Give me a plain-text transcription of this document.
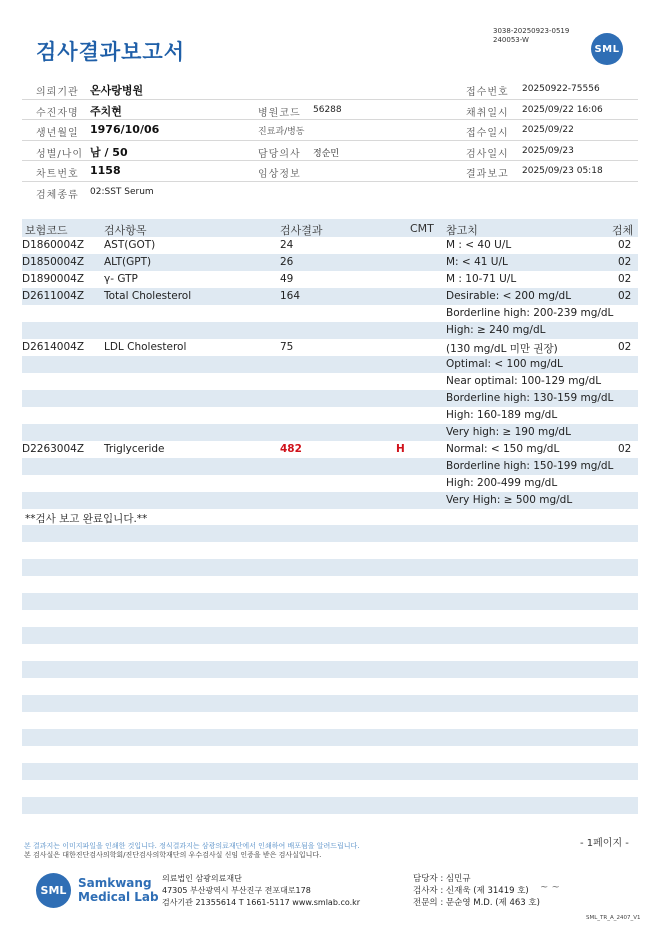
검사결과보고서
3038-20250923-0519
240053-W
SML
의뢰기관 온사랑병원	접수번호 20250922-75556
수진자명 주치현	병원코드 56288	채취일시 2025/09/22 16:06
생년월일 1976/10/06	진료과/병동	접수일시 2025/09/22
성별/나이 남 / 50	담당의사 정순민	검사일시 2025/09/23
차트번호 1158	임상정보	결과보고 2025/09/23 05:18
검체종류 02:SST Serum
보험코드	검사항목	검사결과	CMT 참고치	검체
D1860004Z AST(GOT)	24	M : < 40 U/L	02
D1850004Z ALT(GPT)	26	M: < 41 U/L	02
D1890004Z γ- GTP	49	M : 10-71 U/L	02
D2611004Z Total Cholesterol	164	Desirable: < 200 mg/dL	02
Borderline high: 200-239 mg/dL
High: ≥ 240 mg/dL
D2614004Z LDL Cholesterol	75	(130 mg/dL 미만 권장)	02
Optimal: < 100 mg/dL
Near optimal: 100-129 mg/dL
Borderline high: 130-159 mg/dL
High: 160-189 mg/dL
Very high: ≥ 190 mg/dL
D2263004Z Triglyceride	482	H	Normal: < 150 mg/dL	02
Borderline high: 150-199 mg/dL
High: 200-499 mg/dL
Very High: ≥ 500 mg/dL
**검사 보고 완료입니다.**
- 1페이지 -
본 결과지는 이미지파일을 인쇄한 것입니다. 정식결과지는 삼광의료재단에서 인쇄하여 배포됨을 알려드립니다.
본 검사실은 대한진단검사의학회/진단검사의학재단의 우수검사실 신임 인증을 받은 검사실입니다.
SML
Samkwang
Medical Lab
의료법인 삼광의료재단
47305 부산광역시 부산진구 전포대로178
검사기관 21355614 T 1661-5117 www.smlab.co.kr
담당자 : 심민규
검사자 : 신재욱 (제 31419 호)
전문의 : 문순영 M.D. (제 463 호)
~ ~
SML_TR_A_2407_V1
